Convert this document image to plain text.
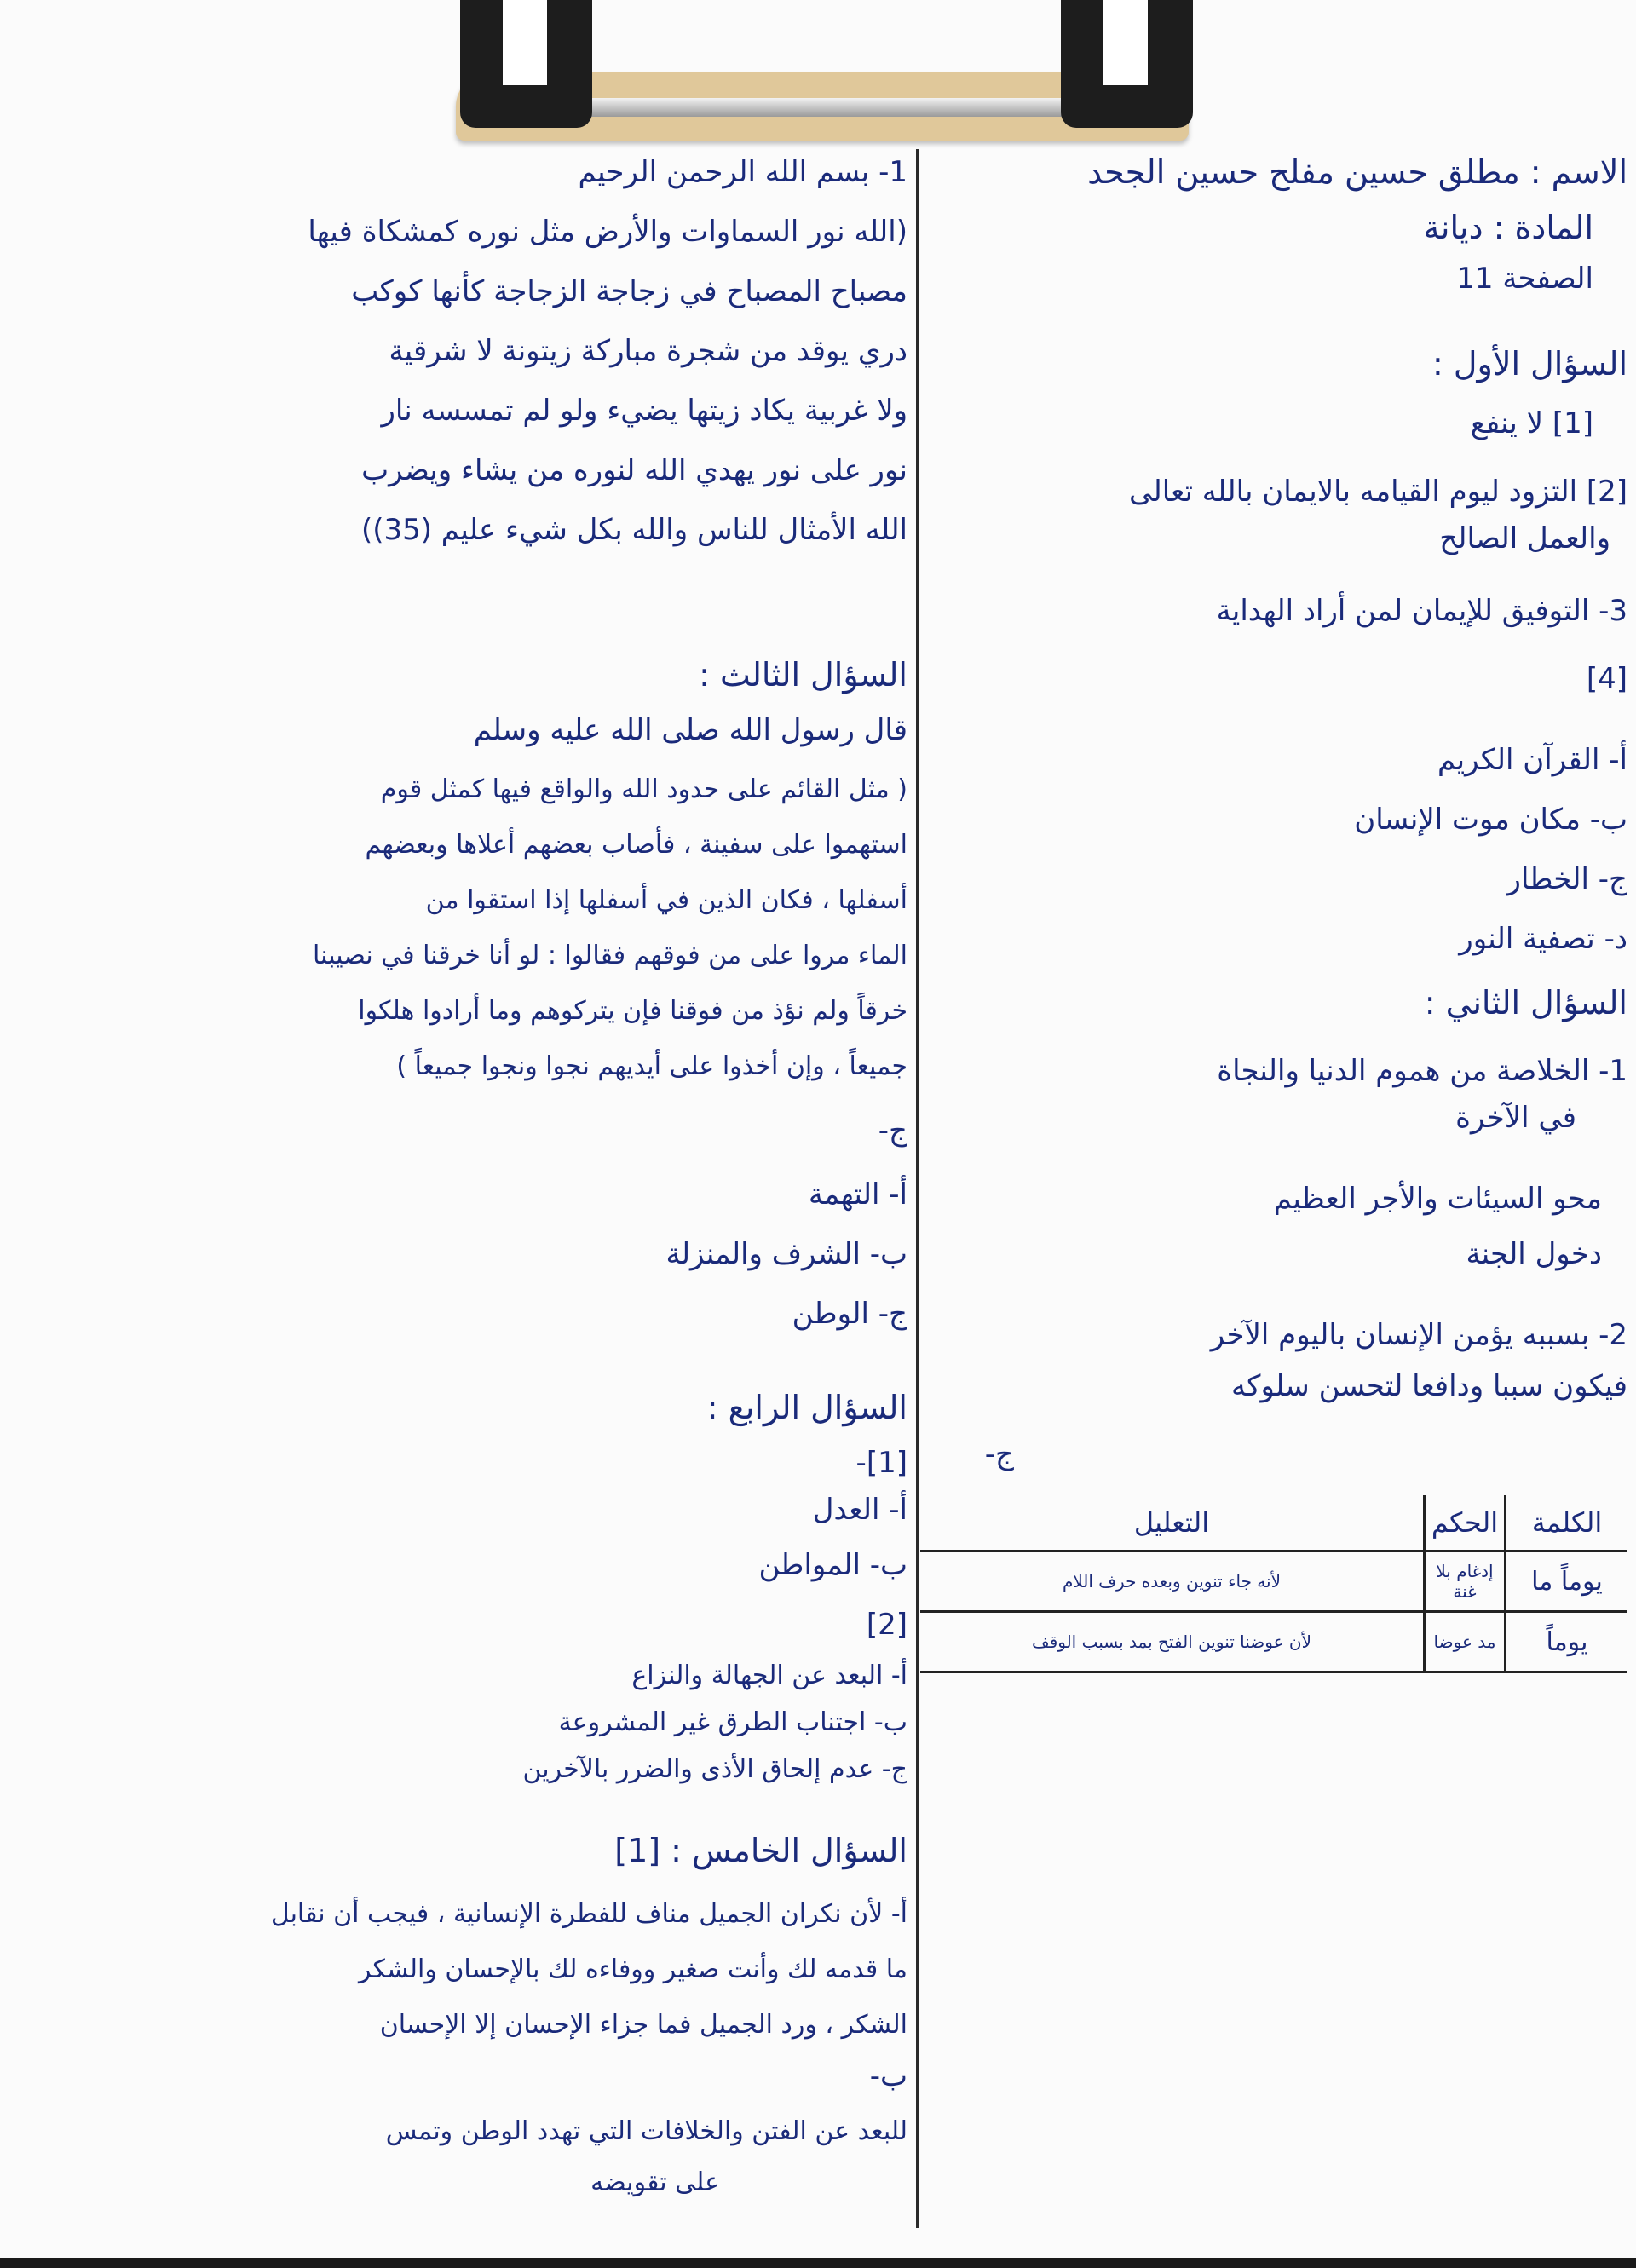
الاسم : مطلق حسين مفلح حسين الجحد
المادة : ديانة
الصفحة 11
السؤال الأول :
[1] لا ينفع
[2] التزود ليوم القيامه بالايمان بالله تعالى
والعمل الصالح
3- التوفيق للإيمان لمن أراد الهداية
[4]
أ- القرآن الكريم
ب- مكان موت الإنسان
ج- الخطار
د- تصفية النور
السؤال الثاني :
1- الخلاصة من هموم الدنيا والنجاة
في الآخرة
محو السيئات والأجر العظيم
دخول الجنة
2- بسببه يؤمن الإنسان باليوم الآخر
فيكون سببا ودافعا لتحسن سلوكه
ج-
الكلمة	الحكم	التعليل
يوماً ما	إدغام بلا غنة	لأنه جاء تنوين وبعده حرف اللام
يوماً	مد عوضا	لأن عوضنا تنوين الفتح بمد بسبب الوقف
1- بسم الله الرحمن الرحيم
(الله نور السماوات والأرض مثل نوره كمشكاة فيها
مصباح المصباح في زجاجة الزجاجة كأنها كوكب
دري يوقد من شجرة مباركة زيتونة لا شرقية
ولا غربية يكاد زيتها يضيء ولو لم تمسسه نار
نور على نور يهدي الله لنوره من يشاء ويضرب
الله الأمثال للناس والله بكل شيء عليم (35))
السؤال الثالث :
قال رسول الله صلى الله عليه وسلم
( مثل القائم على حدود الله والواقع فيها كمثل قوم
استهموا على سفينة ، فأصاب بعضهم أعلاها وبعضهم
أسفلها ، فكان الذين في أسفلها إذا استقوا من
الماء مروا على من فوقهم فقالوا : لو أنا خرقنا في نصيبنا
خرقاً ولم نؤذ من فوقنا فإن يتركوهم وما أرادوا هلكوا
جميعاً ، وإن أخذوا على أيديهم نجوا ونجوا جميعاً )
ج-
أ- التهمة
ب- الشرف والمنزلة
ج- الوطن
السؤال الرابع :
[1]-
أ- العدل
ب- المواطن
[2]
أ- البعد عن الجهالة والنزاع
ب- اجتناب الطرق غير المشروعة
ج- عدم إلحاق الأذى والضرر بالآخرين
السؤال الخامس : [1]
أ- لأن نكران الجميل مناف للفطرة الإنسانية ، فيجب أن نقابل
ما قدمه لك وأنت صغير ووفاءه لك بالإحسان والشكر
الشكر ، ورد الجميل فما جزاء الإحسان إلا الإحسان
ب-
للبعد عن الفتن والخلافات التي تهدد الوطن وتمس
على تقويضه
